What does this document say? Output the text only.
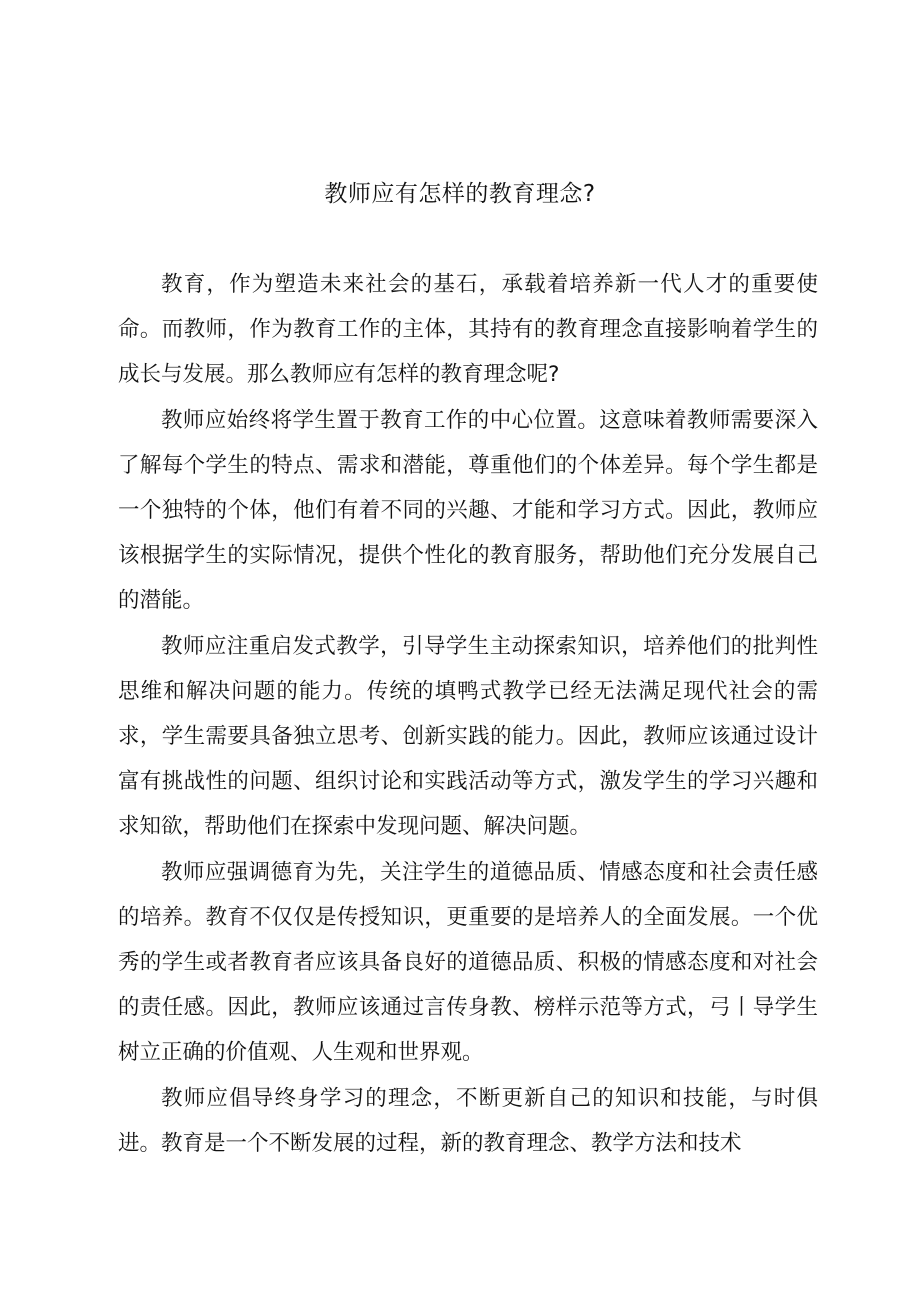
教师应有怎样的教育理念?

教育，作为塑造未来社会的基石，承载着培养新一代人才的重要使命。而教师，作为教育工作的主体，其持有的教育理念直接影响着学生的成长与发展。那么教师应有怎样的教育理念呢?

教师应始终将学生置于教育工作的中心位置。这意味着教师需要深入了解每个学生的特点、需求和潜能，尊重他们的个体差异。每个学生都是一个独特的个体，他们有着不同的兴趣、才能和学习方式。因此，教师应该根据学生的实际情况，提供个性化的教育服务，帮助他们充分发展自己的潜能。

教师应注重启发式教学，引导学生主动探索知识，培养他们的批判性思维和解决问题的能力。传统的填鸭式教学已经无法满足现代社会的需求，学生需要具备独立思考、创新实践的能力。因此，教师应该通过设计富有挑战性的问题、组织讨论和实践活动等方式，激发学生的学习兴趣和求知欲，帮助他们在探索中发现问题、解决问题。

教师应强调德育为先，关注学生的道德品质、情感态度和社会责任感的培养。教育不仅仅是传授知识，更重要的是培养人的全面发展。一个优秀的学生或者教育者应该具备良好的道德品质、积极的情感态度和对社会的责任感。因此，教师应该通过言传身教、榜样示范等方式，弓丨导学生树立正确的价值观、人生观和世界观。

教师应倡导终身学习的理念，不断更新自己的知识和技能，与时俱进。教育是一个不断发展的过程，新的教育理念、教学方法和技术
